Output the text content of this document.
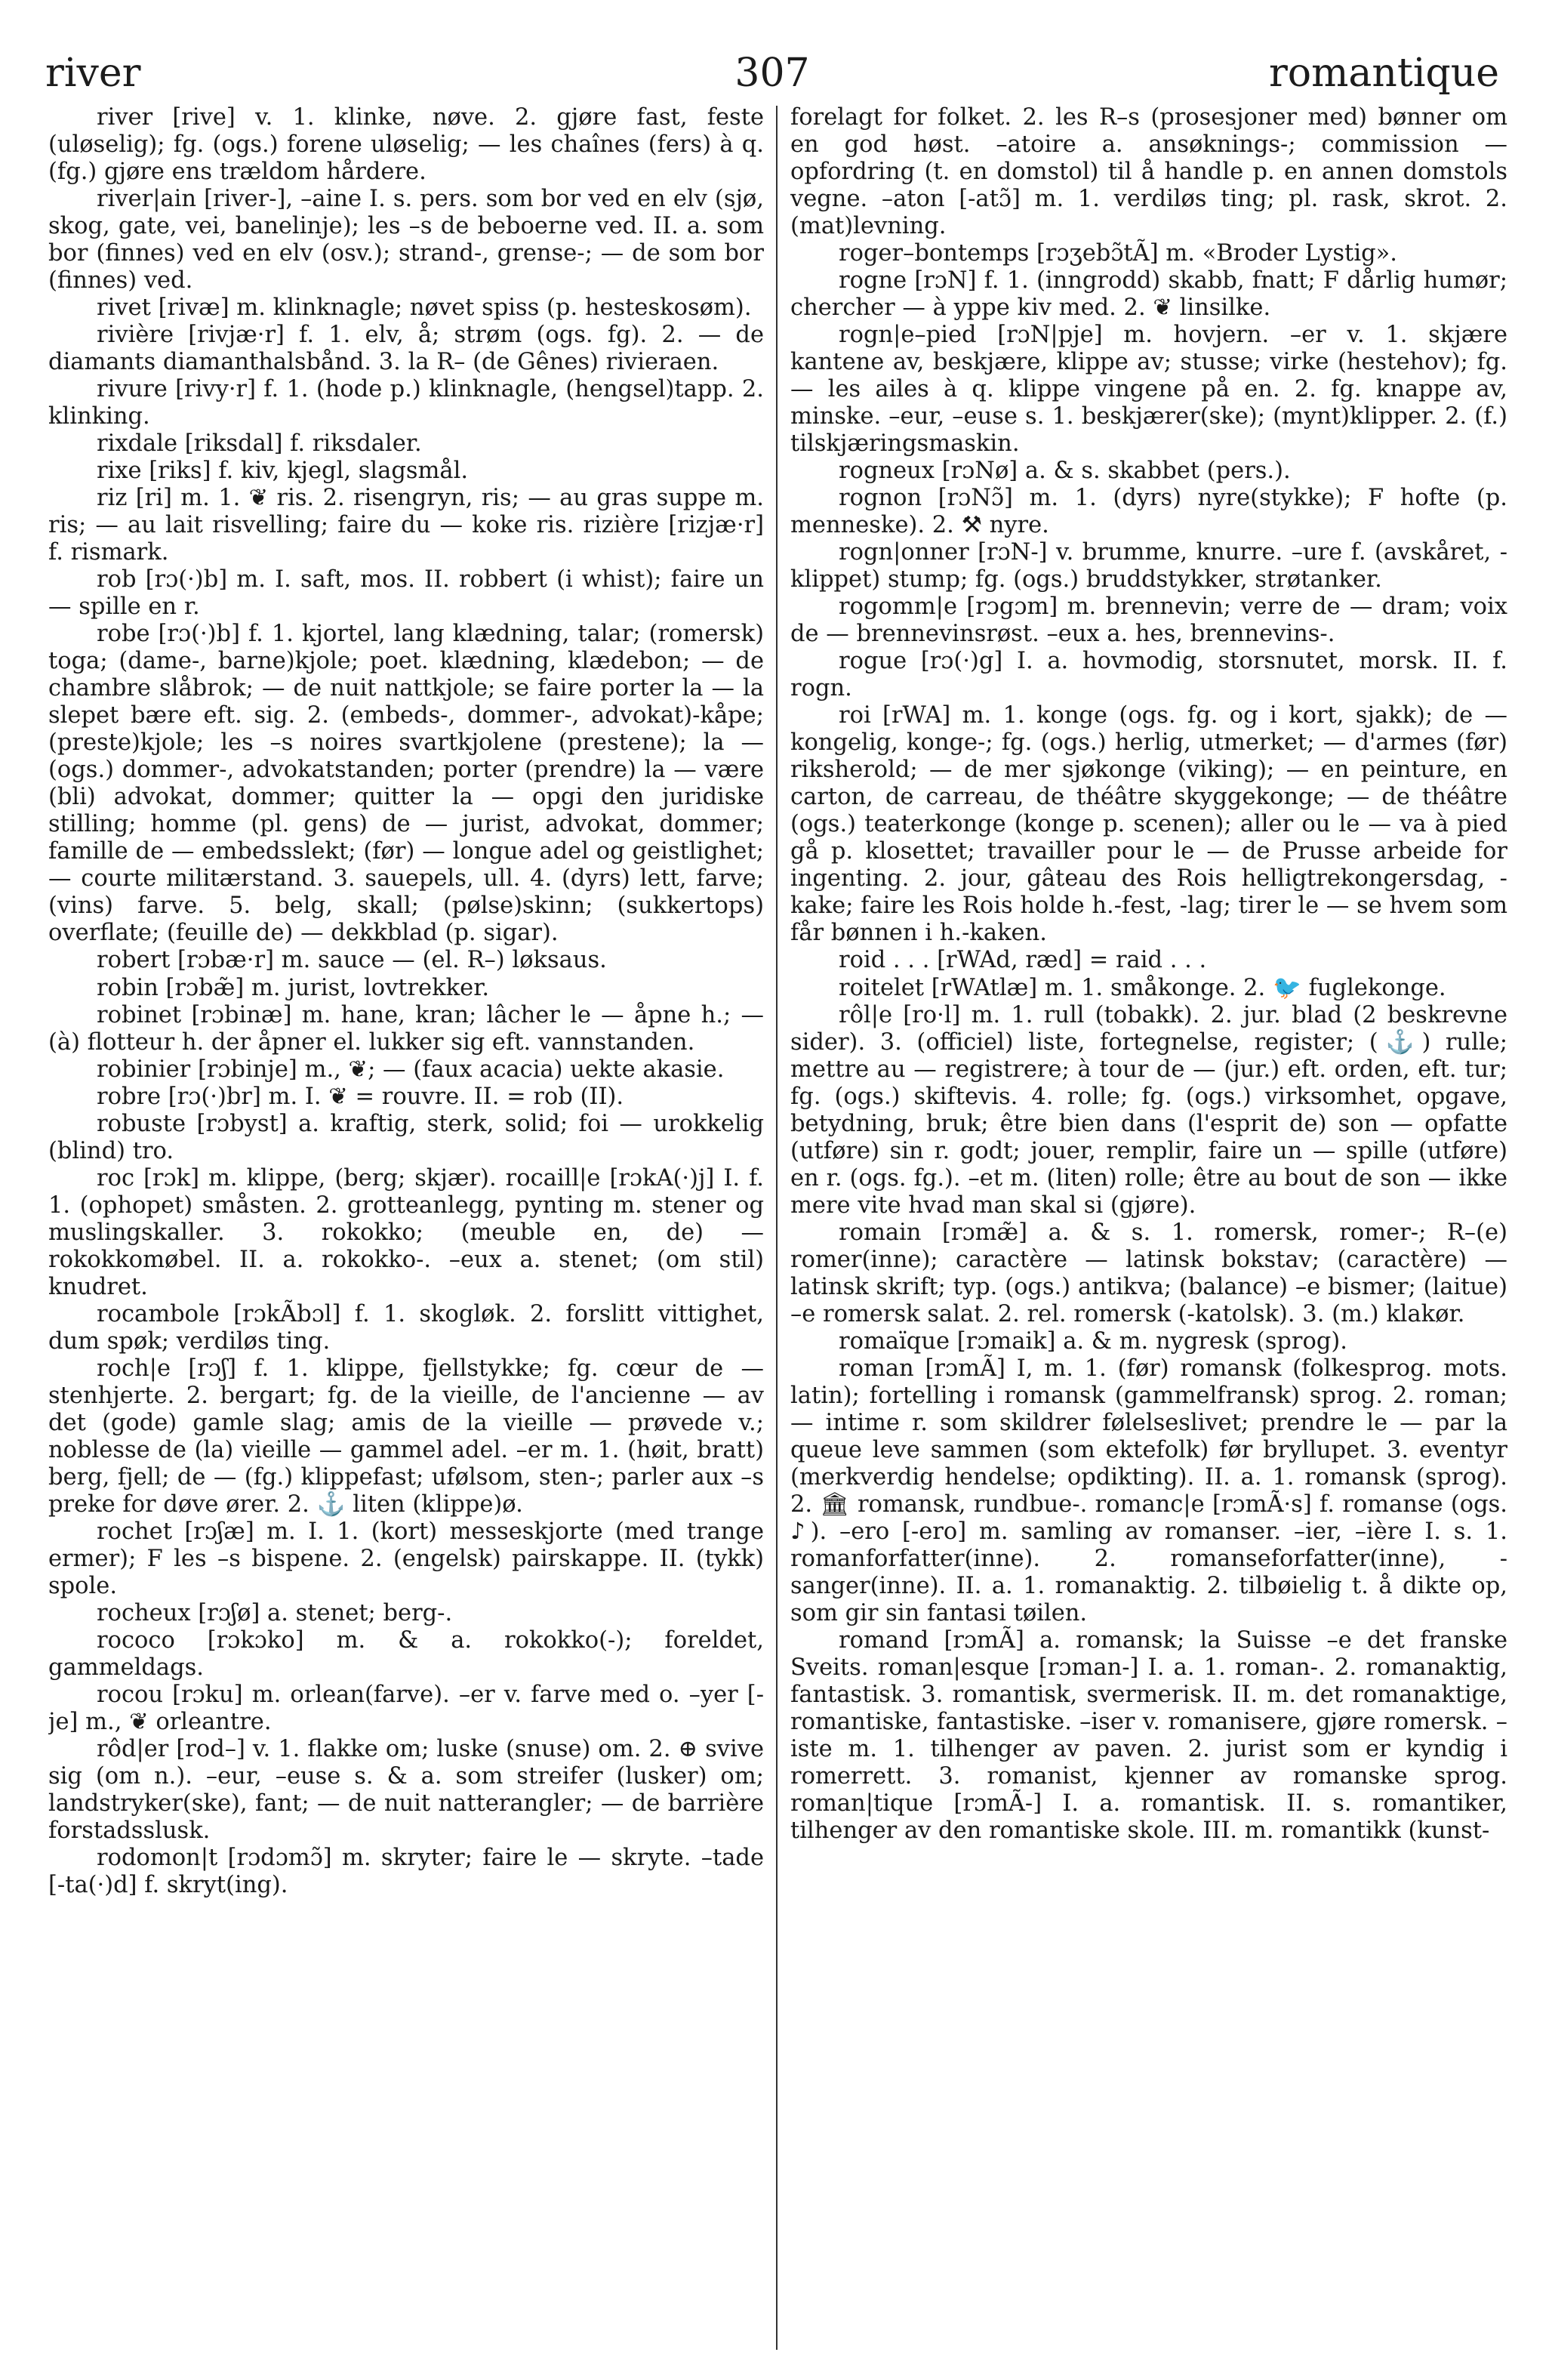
river	307	romantique

river [rive] v. 1. klinke, nøve. 2. gjøre fast, feste (uløselig); fg. (ogs.) forene uløselig; — les chaînes (fers) à q. (fg.) gjøre ens trældom hårdere.

river|ain [river-], –aine I. s. pers. som bor ved en elv (sjø, skog, gate, vei, banelinje); les –s de beboerne ved. II. a. som bor (finnes) ved en elv (osv.); strand-, grense-; — de som bor (finnes) ved.

rivet [rivæ] m. klinknagle; nøvet spiss (p. hesteskosøm).

rivière [rivjæ·r] f. 1. elv, å; strøm (ogs. fg). 2. — de diamants diamanthalsbånd. 3. la R– (de Gênes) rivieraen.

rivure [rivy·r] f. 1. (hode p.) klinknagle, (hengsel)tapp. 2. klinking.

rixdale [riksdal] f. riksdaler.

rixe [riks] f. kiv, kjegl, slagsmål.

riz [ri] m. 1. ❦ ris. 2. risengryn, ris; — au gras suppe m. ris; — au lait risvelling; faire du — koke ris. rizière [rizjæ·r] f. rismark.

rob [rɔ(·)b] m. I. saft, mos. II. robbert (i whist); faire un — spille en r.

robe [rɔ(·)b] f. 1. kjortel, lang klædning, talar; (romersk) toga; (dame-, barne)kjole; poet. klædning, klædebon; — de chambre slåbrok; — de nuit nattkjole; se faire porter la — la slepet bære eft. sig. 2. (embeds-, dommer-, advokat)-kåpe; (preste)kjole; les –s noires svartkjolene (prestene); la — (ogs.) dommer-, advokatstanden; porter (prendre) la — være (bli) advokat, dommer; quitter la — opgi den juridiske stilling; homme (pl. gens) de — jurist, advokat, dommer; famille de — embedsslekt; (før) — longue adel og geistlighet; — courte militærstand. 3. sauepels, ull. 4. (dyrs) lett, farve; (vins) farve. 5. belg, skall; (pølse)skinn; (sukkertops) overflate; (feuille de) — dekkblad (p. sigar).

robert [rɔbæ·r] m. sauce — (el. R–) løksaus.

robin [rɔbæ̃] m. jurist, lovtrekker.

robinet [rɔbinæ] m. hane, kran; lâcher le — åpne h.; — (à) flotteur h. der åpner el. lukker sig eft. vannstanden.

robinier [rɔbinje] m., ❦; — (faux acacia) uekte akasie.

robre [rɔ(·)br] m. I. ❦ = rouvre. II. = rob (II).

robuste [rɔbyst] a. kraftig, sterk, solid; foi — urokkelig (blind) tro.

roc [rɔk] m. klippe, (berg; skjær). rocaill|e [rɔkA(·)j] I. f. 1. (ophopet) småsten. 2. grotteanlegg, pynting m. stener og muslingskaller. 3. rokokko; (meuble en, de) — rokokkomøbel. II. a. rokokko-. –eux a. stenet; (om stil) knudret.

rocambole [rɔkÃbɔl] f. 1. skogløk. 2. forslitt vittighet, dum spøk; verdiløs ting.

roch|e [rɔʃ] f. 1. klippe, fjellstykke; fg. cœur de — stenhjerte. 2. bergart; fg. de la vieille, de l'ancienne — av det (gode) gamle slag; amis de la vieille — prøvede v.; noblesse de (la) vieille — gammel adel. –er m. 1. (høit, bratt) berg, fjell; de — (fg.) klippefast; ufølsom, sten-; parler aux –s preke for døve ører. 2. ⚓ liten (klippe)ø.

rochet [rɔʃæ] m. I. 1. (kort) messeskjorte (med trange ermer); F les –s bispene. 2. (engelsk) pairskappe. II. (tykk) spole.

rocheux [rɔʃø] a. stenet; berg-.

rococo [rɔkɔko] m. & a. rokokko(-); foreldet, gammeldags.

rocou [rɔku] m. orlean(farve). –er v. farve med o. –yer [-je] m., ❦ orleantre.

rôd|er [rod–] v. 1. flakke om; luske (snuse) om. 2. ⊕ svive sig (om n.). –eur, –euse s. & a. som streifer (lusker) om; landstryker(ske), fant; — de nuit natterangler; — de barrière forstadsslusk.

rodomon|t [rɔdɔmɔ̃] m. skryter; faire le — skryte. –tade [-ta(·)d] f. skryt(ing).

forelagt for folket. 2. les R–s (prosesjoner med) bønner om en god høst. –atoire a. ansøknings-; commission — opfordring (t. en domstol) til å handle p. en annen domstols vegne. –aton [-atɔ̃] m. 1. verdiløs ting; pl. rask, skrot. 2. (mat)levning.

roger–bontemps [rɔʒebɔ̃tÃ] m. «Broder Lystig».

rogne [rɔN] f. 1. (inngrodd) skabb, fnatt; F dårlig humør; chercher — à yppe kiv med. 2. ❦ linsilke.

rogn|e–pied [rɔN|pje] m. hovjern. –er v. 1. skjære kantene av, beskjære, klippe av; stusse; virke (hestehov); fg. — les ailes à q. klippe vingene på en. 2. fg. knappe av, minske. –eur, –euse s. 1. beskjærer(ske); (mynt)klipper. 2. (f.) tilskjæringsmaskin.

rogneux [rɔNø] a. & s. skabbet (pers.).

rognon [rɔNɔ̃] m. 1. (dyrs) nyre(stykke); F hofte (p. menneske). 2. ⚒ nyre.

rogn|onner [rɔN-] v. brumme, knurre. –ure f. (avskåret, -klippet) stump; fg. (ogs.) bruddstykker, strøtanker.

rogomm|e [rɔgɔm] m. brennevin; verre de — dram; voix de — brennevinsrøst. –eux a. hes, brennevins-.

rogue [rɔ(·)g] I. a. hovmodig, storsnutet, morsk. II. f. rogn.

roi [rWA] m. 1. konge (ogs. fg. og i kort, sjakk); de — kongelig, konge-; fg. (ogs.) herlig, utmerket; — d'armes (før) riksherold; — de mer sjøkonge (viking); — en peinture, en carton, de carreau, de théâtre skyggekonge; — de théâtre (ogs.) teaterkonge (konge p. scenen); aller ou le — va à pied gå p. klosettet; travailler pour le — de Prusse arbeide for ingenting. 2. jour, gâteau des Rois helligtrekongersdag, -kake; faire les Rois holde h.-fest, -lag; tirer le — se hvem som får bønnen i h.-kaken.

roid . . . [rWAd, ræd] = raid . . .

roitelet [rWAtlæ] m. 1. småkonge. 2. 🐦 fuglekonge.

rôl|e [ro·l] m. 1. rull (tobakk). 2. jur. blad (2 beskrevne sider). 3. (officiel) liste, fortegnelse, register; (⚓) rulle; mettre au — registrere; à tour de — (jur.) eft. orden, eft. tur; fg. (ogs.) skiftevis. 4. rolle; fg. (ogs.) virksomhet, opgave, betydning, bruk; être bien dans (l'esprit de) son — opfatte (utføre) sin r. godt; jouer, remplir, faire un — spille (utføre) en r. (ogs. fg.). –et m. (liten) rolle; être au bout de son — ikke mere vite hvad man skal si (gjøre).

romain [rɔmæ̃] a. & s. 1. romersk, romer-; R–(e) romer(inne); caractère — latinsk bokstav; (caractère) — latinsk skrift; typ. (ogs.) antikva; (balance) –e bismer; (laitue) –e romersk salat. 2. rel. romersk (-katolsk). 3. (m.) klakør.

romaïque [rɔmaik] a. & m. nygresk (sprog).

roman [rɔmÃ] I, m. 1. (før) romansk (folkesprog. mots. latin); fortelling i romansk (gammelfransk) sprog. 2. roman; — intime r. som skildrer følelseslivet; prendre le — par la queue leve sammen (som ektefolk) før bryllupet. 3. eventyr (merkverdig hendelse; opdikting). II. a. 1. romansk (sprog). 2. 🏛 romansk, rundbue-. romanc|e [rɔmÃ·s] f. romanse (ogs. ♪). –ero [-ero] m. samling av romanser. –ier, –ière I. s. 1. romanforfatter(inne). 2. romanseforfatter(inne), -sanger(inne). II. a. 1. romanaktig. 2. tilbøielig t. å dikte op, som gir sin fantasi tøilen.

romand [rɔmÃ] a. romansk; la Suisse –e det franske Sveits. roman|esque [rɔman-] I. a. 1. roman-. 2. romanaktig, fantastisk. 3. romantisk, svermerisk. II. m. det romanaktige, romantiske, fantastiske. –iser v. romanisere, gjøre romersk. –iste m. 1. tilhenger av paven. 2. jurist som er kyndig i romerrett. 3. romanist, kjenner av romanske sprog. roman|tique [rɔmÃ-] I. a. romantisk. II. s. romantiker, tilhenger av den romantiske skole. III. m. romantikk (kunst-
